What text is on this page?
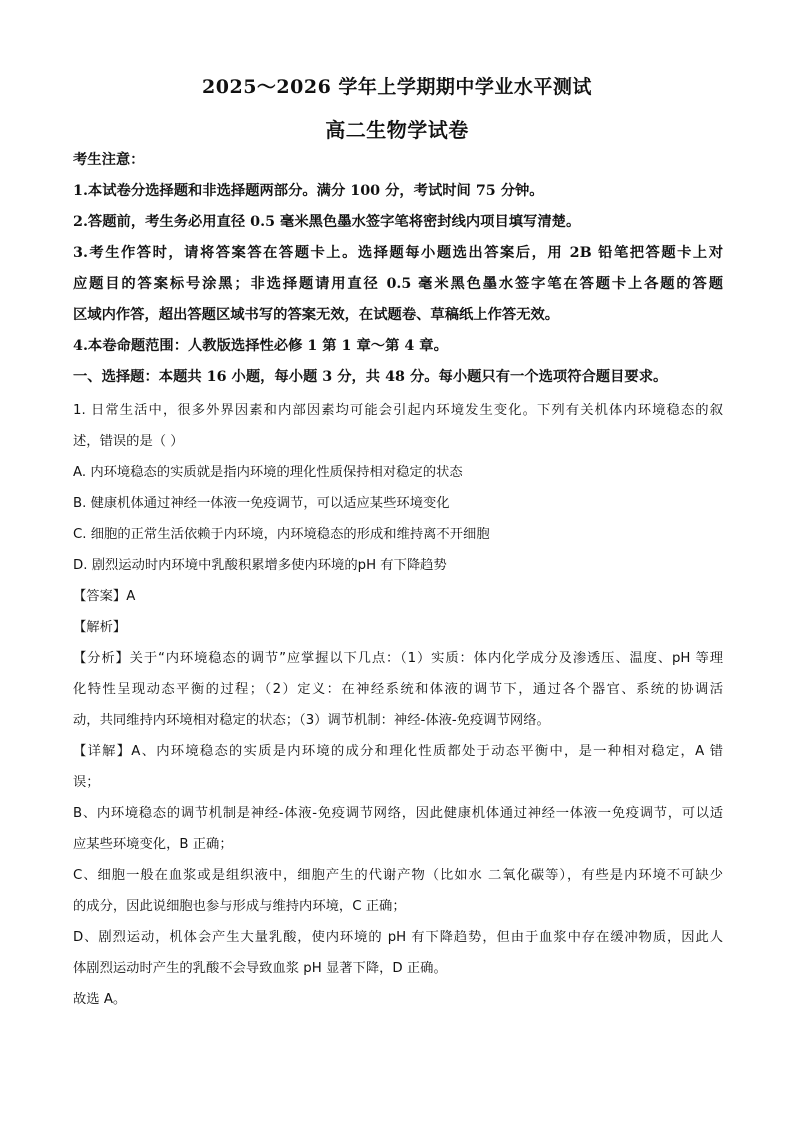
2025～2026 学年上学期期中学业水平测试
高二生物学试卷
考生注意：
1.本试卷分选择题和非选择题两部分。满分 100 分，考试时间 75 分钟。
2.答题前，考生务必用直径 0.5 毫米黑色墨水签字笔将密封线内项目填写清楚。
3.考生作答时，请将答案答在答题卡上。选择题每小题选出答案后，用 2B 铅笔把答题卡上对
应题目的答案标号涂黑；非选择题请用直径 0.5 毫米黑色墨水签字笔在答题卡上各题的答题
区域内作答，超出答题区域书写的答案无效，在试题卷、草稿纸上作答无效。
4.本卷命题范围：人教版选择性必修 1 第 1 章～第 4 章。
一、选择题：本题共 16 小题，每小题 3 分，共 48 分。每小题只有一个选项符合题目要求。
1. 日常生活中，很多外界因素和内部因素均可能会引起内环境发生变化。下列有关机体内环境稳态的叙
述，错误的是（ ）
A. 内环境稳态的实质就是指内环境的理化性质保持相对稳定的状态
B. 健康机体通过神经一体液一免疫调节，可以适应某些环境变化
C. 细胞的正常生活依赖于内环境，内环境稳态的形成和维持离不开细胞
D. 剧烈运动时内环境中乳酸积累增多使内环境的pH 有下降趋势
【答案】A
【解析】
【分析】关于“内环境稳态的调节”应掌握以下几点：（1）实质：体内化学成分及渗透压、温度、pH 等理
化特性呈现动态平衡的过程；（2）定义：在神经系统和体液的调节下，通过各个器官、系统的协调活
动，共同维持内环境相对稳定的状态；（3）调节机制：神经-体液-免疫调节网络。
【详解】A、内环境稳态的实质是内环境的成分和理化性质都处于动态平衡中，是一种相对稳定，A 错
误；
B、内环境稳态的调节机制是神经-体液-免疫调节网络，因此健康机体通过神经一体液一免疫调节，可以适
应某些环境变化，B 正确；
C、细胞一般在血浆或是组织液中，细胞产生的代谢产物（比如水 二氧化碳等），有些是内环境不可缺少
的成分，因此说细胞也参与形成与维持内环境，C 正确；
D、剧烈运动，机体会产生大量乳酸，使内环境的 pH 有下降趋势，但由于血浆中存在缓冲物质，因此人
体剧烈运动时产生的乳酸不会导致血浆 pH 显著下降，D 正确。
故选 A。
